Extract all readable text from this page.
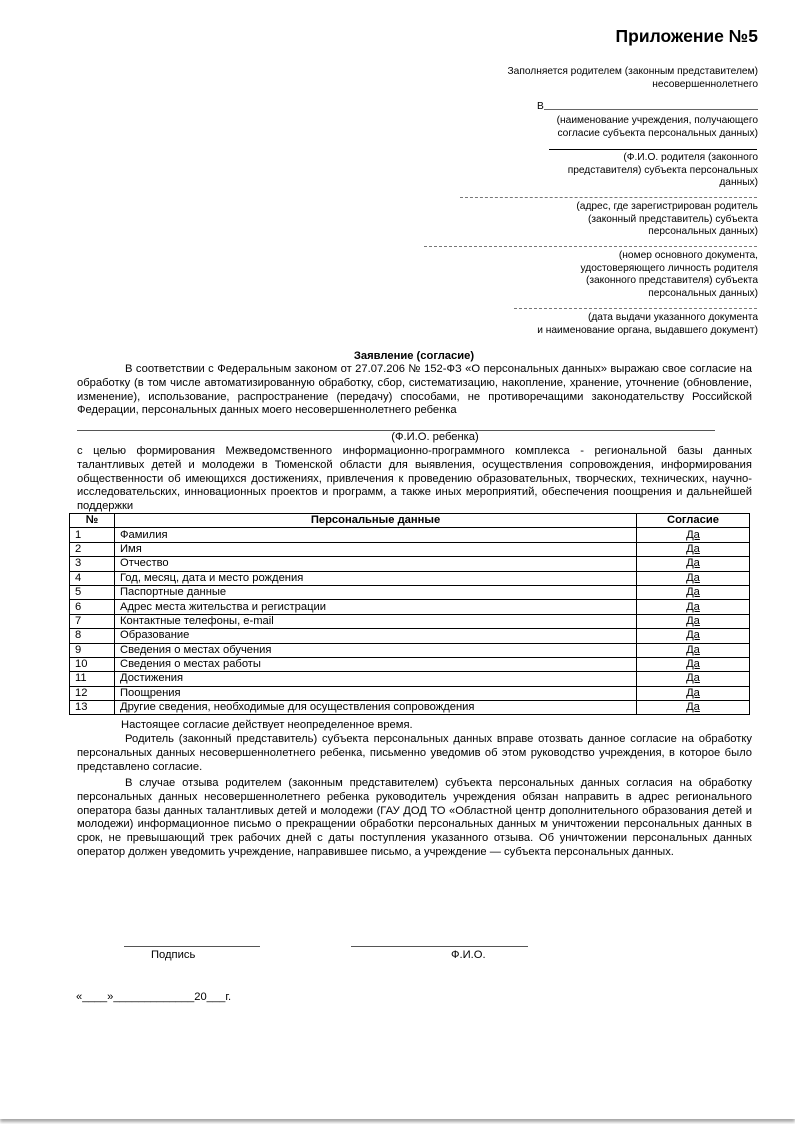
Приложение №5
Заполняется родителем (законным представителем)
несовершеннолетнего
В
(наименование учреждения, получающего
согласие субъекта персональных данных)
(Ф.И.О. родителя (законного
представителя) субъекта персональных
данных)
(адрес, где зарегистрирован родитель
(законный представитель) субъекта
персональных данных)
(номер основного документа,
удостоверяющего личность родителя
(законного представителя) субъекта
персональных данных)
(дата выдачи указанного документа
и наименование органа, выдавшего документ)
Заявление (согласие)
В соответствии с Федеральным законом от 27.07.206 № 152-ФЗ «О персональных данных» выражаю свое согласие на обработку (в том числе автоматизированную обработку, сбор, систематизацию, накопление, хранение, уточнение (обновление, изменение), использование, распространение (передачу) способами, не противоречащими законодательству Российской Федерации, персональных данных моего несовершеннолетнего ребенка
(Ф.И.О. ребенка)
с целью формирования Межведомственного информационно-программного комплекса - региональной базы данных талантливых детей и молодежи в Тюменской области для выявления, осуществления сопровождения, информирования общественности об имеющихся достижениях, привлечения к проведению образовательных, творческих, технических, научно-исследовательских, инновационных проектов и программ, а также иных мероприятий, обеспечения поощрения и дальнейшей поддержки
№	Персональные данные	Согласие
1	Фамилия	Да
2	Имя	Да
3	Отчество	Да
4	Год, месяц, дата и место рождения	Да
5	Паспортные данные	Да
6	Адрес места жительства и регистрации	Да
7	Контактные телефоны, e-mail	Да
8	Образование	Да
9	Сведения о местах обучения	Да
10	Сведения о местах работы	Да
11	Достижения	Да
12	Поощрения	Да
13	Другие сведения, необходимые для осуществления сопровождения	Да
Настоящее согласие действует неопределенное время.
Родитель (законный представитель) субъекта персональных данных вправе отозвать данное согласие на обработку персональных данных несовершеннолетнего ребенка, письменно уведомив об этом руководство учреждения, в которое было представлено согласие.
В случае отзыва родителем (законным представителем) субъекта персональных данных согласия на обработку персональных данных несовершеннолетнего ребенка руководитель учреждения обязан направить в адрес регионального оператора базы данных талантливых детей и молодежи (ГАУ ДОД ТО «Областной центр дополнительного образования детей и молодежи) информационное письмо о прекращении обработки персональных данных м уничтожении персональных данных в срок, не превышающий трек рабочих дней с даты поступления указанного отзыва. Об уничтожении персональных данных оператор должен уведомить учреждение, направившее письмо, а учреждение — субъекта персональных данных.
Подпись	Ф.И.О.
«____»_____________20___г.
